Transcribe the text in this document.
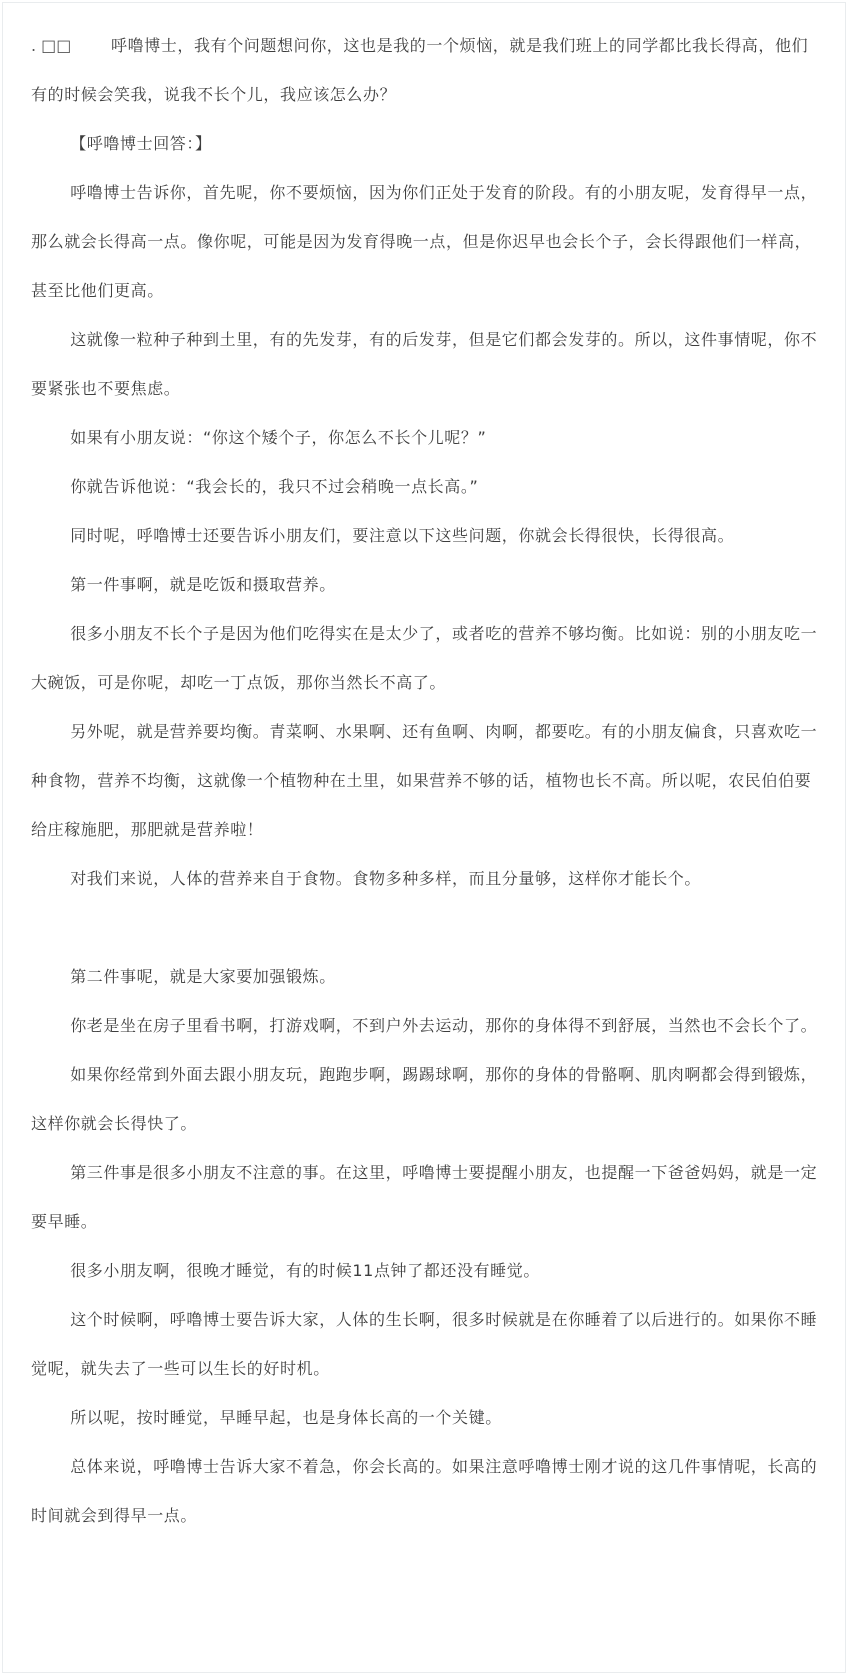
. □□ 呼噜博士，我有个问题想问你，这也是我的一个烦恼，就是我们班上的同学都比我长得高，他们有的时候会笑我，说我不长个儿，我应该怎么办？

【呼噜博士回答：】

呼噜博士告诉你，首先呢，你不要烦恼，因为你们正处于发育的阶段。有的小朋友呢，发育得早一点，那么就会长得高一点。像你呢，可能是因为发育得晚一点，但是你迟早也会长个子，会长得跟他们一样高，甚至比他们更高。

这就像一粒种子种到土里，有的先发芽，有的后发芽，但是它们都会发芽的。所以，这件事情呢，你不要紧张也不要焦虑。

如果有小朋友说：“你这个矮个子，你怎么不长个儿呢？”

你就告诉他说：“我会长的，我只不过会稍晚一点长高。”

同时呢，呼噜博士还要告诉小朋友们，要注意以下这些问题，你就会长得很快，长得很高。

第一件事啊，就是吃饭和摄取营养。

很多小朋友不长个子是因为他们吃得实在是太少了，或者吃的营养不够均衡。比如说：别的小朋友吃一大碗饭，可是你呢，却吃一丁点饭，那你当然长不高了。

另外呢，就是营养要均衡。青菜啊、水果啊、还有鱼啊、肉啊，都要吃。有的小朋友偏食，只喜欢吃一种食物，营养不均衡，这就像一个植物种在土里，如果营养不够的话，植物也长不高。所以呢，农民伯伯要给庄稼施肥，那肥就是营养啦！

对我们来说，人体的营养来自于食物。食物多种多样，而且分量够，这样你才能长个。

第二件事呢，就是大家要加强锻炼。

你老是坐在房子里看书啊，打游戏啊，不到户外去运动，那你的身体得不到舒展，当然也不会长个了。

如果你经常到外面去跟小朋友玩，跑跑步啊，踢踢球啊，那你的身体的骨骼啊、肌肉啊都会得到锻炼，这样你就会长得快了。

第三件事是很多小朋友不注意的事。在这里，呼噜博士要提醒小朋友，也提醒一下爸爸妈妈，就是一定要早睡。

很多小朋友啊，很晚才睡觉，有的时候11点钟了都还没有睡觉。

这个时候啊，呼噜博士要告诉大家，人体的生长啊，很多时候就是在你睡着了以后进行的。如果你不睡觉呢，就失去了一些可以生长的好时机。

所以呢，按时睡觉，早睡早起，也是身体长高的一个关键。

总体来说，呼噜博士告诉大家不着急，你会长高的。如果注意呼噜博士刚才说的这几件事情呢，长高的时间就会到得早一点。
